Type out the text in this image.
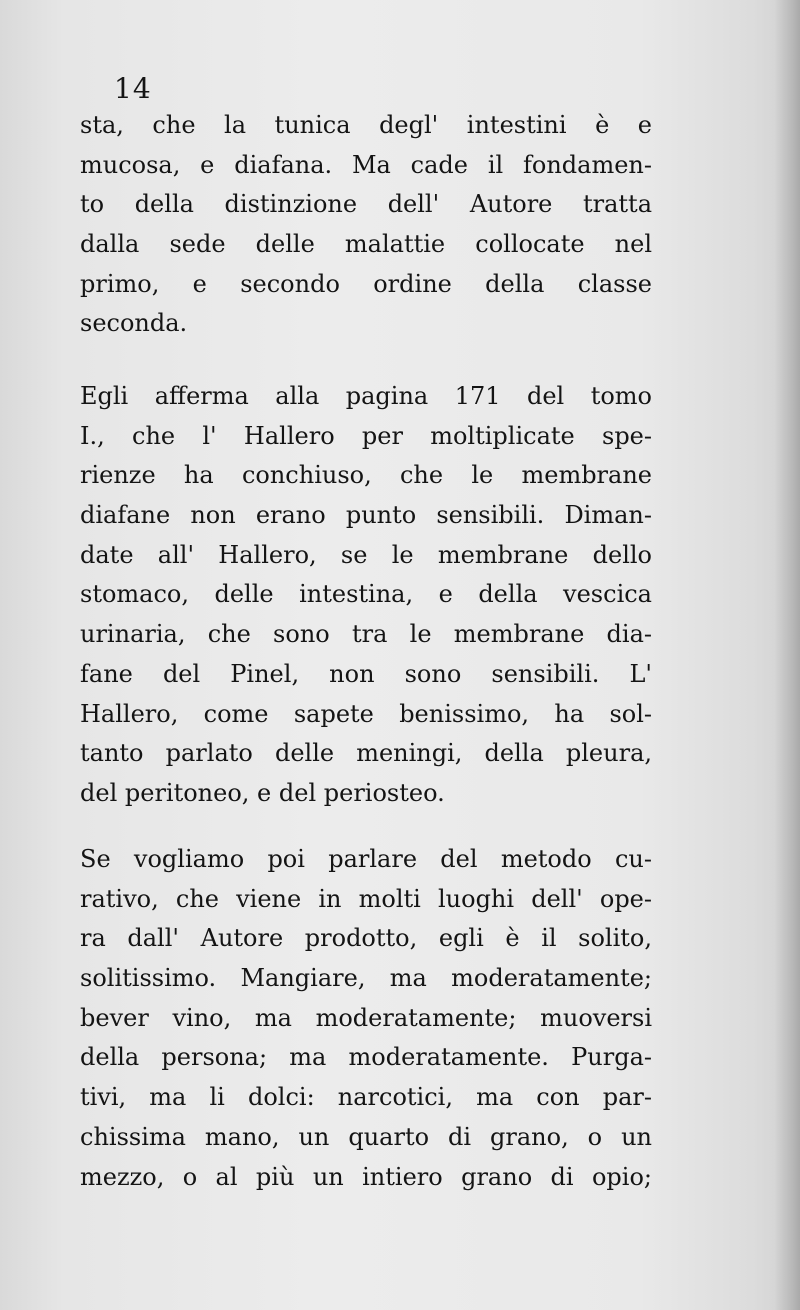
14
sta, che la tunica degl' intestini è e
mucosa, e diafana. Ma cade il fondamen-
to della distinzione dell' Autore tratta
dalla sede delle malattie collocate nel
primo, e secondo ordine della classe
seconda.
Egli afferma alla pagina 171 del tomo
I., che l' Hallero per moltiplicate spe-
rienze ha conchiuso, che le membrane
diafane non erano punto sensibili. Diman-
date all' Hallero, se le membrane dello
stomaco, delle intestina, e della vescica
urinaria, che sono tra le membrane dia-
fane del Pinel, non sono sensibili. L'
Hallero, come sapete benissimo, ha sol-
tanto parlato delle meningi, della pleura,
del peritoneo, e del periosteo.
Se vogliamo poi parlare del metodo cu-
rativo, che viene in molti luoghi dell' ope-
ra dall' Autore prodotto, egli è il solito,
solitissimo. Mangiare, ma moderatamente;
bever vino, ma moderatamente; muoversi
della persona; ma moderatamente. Purga-
tivi, ma li dolci: narcotici, ma con par-
chissima mano, un quarto di grano, o un
mezzo, o al più un intiero grano di opio;
